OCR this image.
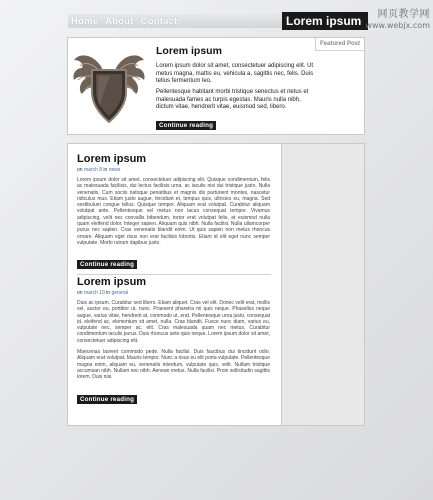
Home About Contact	Lorem ipsum	网页教学网
www.webjx.com
Featured Post
Lorem ipsum

Lorem ipsum dolor sit amet, consectetuer adipiscing elit. Ut metus magna, mattis eu, vehicula a, sagittis nec, felis. Duis tellus fermentum leo.

Pellentesque habitant morbi tristique senectus et netus et malesuada fames ac turpis egestas. Mauris nulla nibh, dictum vitae, hendrerit vitae, euismod sed, libero.

Continue reading
Lorem ipsum
on march 8 in news

Lorem ipsum dolor sit amet, consectetuer adipiscing elit. Quisque condimentum, felis ac malesuada facilisis, dui lectus facilisis urna, ac iaculis nisi dui tristique justo. Nulla venenatis. Cum sociis natoque penatibus et magnis dis parturient montes, nascetur ridiculus mus. Etiam justo augue, tincidunt et, tempus quis, ultricies eu, magna. Sed vestibulum congue tellus. Quisque tempor. Aliquam erat volutpat. Curabitur aliquam volutpat ante. Pellentesque vel metus non lacus consequat tempor. Vivamus adipiscing, velit nec convallis bibendum, tortor erat volutpat felis, at euismod nulla quam eleifend dolor. Integer sapien. Aliquam quis nibh. Nulla facilisi. Nulla ullamcorper purus nec sapien. Cras venenatis blandit enim. Ut quis sapien non metus rhoncus ornare. Aliquam eget risus non erat facilisis lobortis. Etiam id elit eget nunc semper vulputate. Morbi rutrum dapibus justo.

Continue reading
Lorem ipsum
on march 10 in general

Duis ac ipsum. Curabitur sed libero. Etiam aliquet. Cras vel elit. Donec velit erat, mollis vel, auctor eu, porttitor ut, nunc. Praesent pharetra mi quis neque. Phasellus neque augue, varius vitae, hendrerit at, commodo ut, erat. Pellentesque urna justo, consequat id, eleifend ac, elementum sit amet, nulla. Cras blandit. Fusce nunc diam, varius eu, vulputate nec, semper ac, elit. Cras malesuada quam nec metus. Curabitur condimentum iaculis purus. Duis rhoncus ante quis neque. Lorem ipsum dolor sit amet, consectetuer adipiscing elit.

Maecenas laoreet commodo pede. Nulla facilisi. Duis faucibus dui tincidunt odio. Aliquam erat volutpat. Mauris tempor. Nunc a risus eu elit porta vulputate. Pellentesque magna enim, aliquam eu, venenatis interdum, vulputate quis, velit. Nullam tristique accumsan nibh. Nullam nec nibh. Aenean metus. Nulla facilisi. Proin sollicitudin sagittis lorem. Duis nisi.

Continue reading
